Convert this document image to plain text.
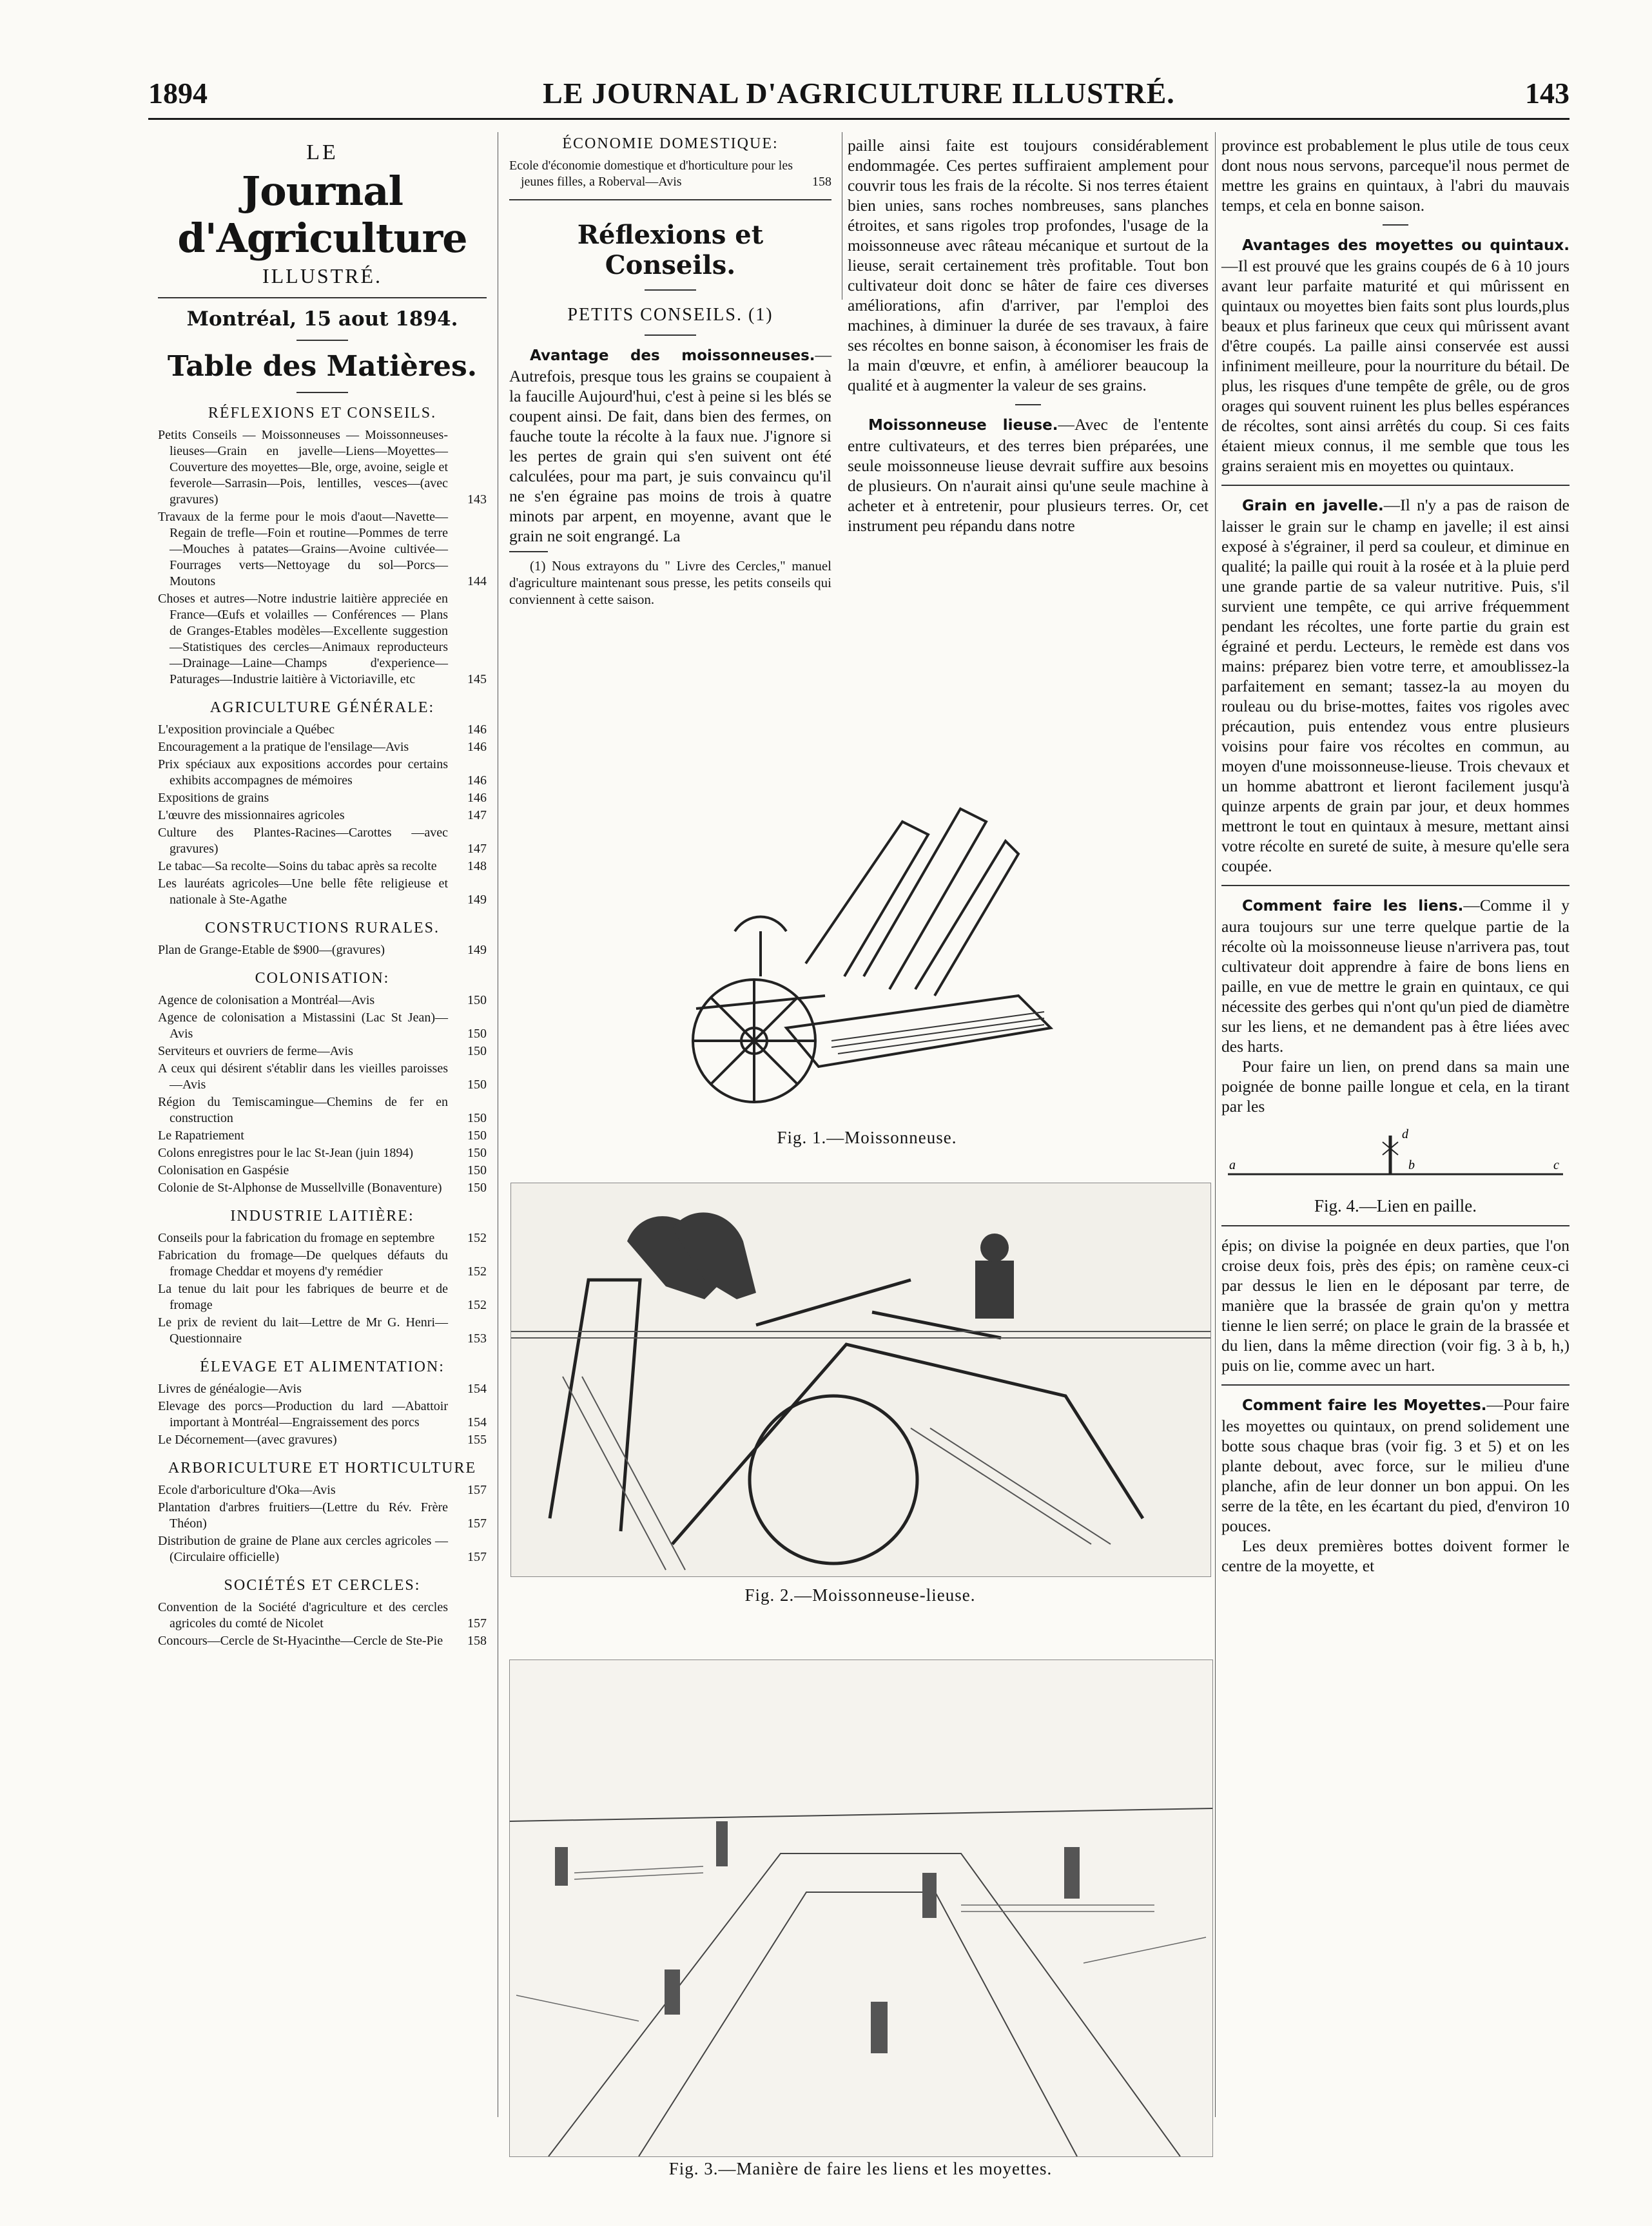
1894	LE JOURNAL D'AGRICULTURE ILLUSTRÉ.	143
LE
Journal d'Agriculture
ILLUSTRÉ.
Montréal, 15 aout 1894.
Table des Matières.
RÉFLEXIONS ET CONSEILS.

Petits Conseils — Moissonneuses — Moissonneuses-lieuses—Grain en javelle—Liens—Moyettes—Couverture des moyettes—Ble, orge, avoine, seigle et feverole—Sarrasin—Pois, lentilles, vesces—(avec gravures)	143

Travaux de la ferme pour le mois d'aout—Navette—Regain de trefle—Foin et routine—Pommes de terre—Mouches à patates—Grains—Avoine cultivée—Fourrages verts—Nettoyage du sol—Porcs—Moutons	144

Choses et autres—Notre industrie laitière appreciée en France—Œufs et volailles — Conférences — Plans de Granges-Etables modèles—Excellente suggestion—Statistiques des cercles—Animaux reproducteurs—Drainage—Laine—Champs d'experience—Paturages—Industrie laitière à Victoriaville, etc	145

AGRICULTURE GÉNÉRALE:

L'exposition provinciale a Québec	146

Encouragement a la pratique de l'ensilage—Avis	146

Prix spéciaux aux expositions accordes pour certains exhibits accompagnes de mémoires	146

Expositions de grains	146

L'œuvre des missionnaires agricoles	147

Culture des Plantes-Racines—Carottes —avec gravures)	147

Le tabac—Sa recolte—Soins du tabac après sa recolte 148

Les lauréats agricoles—Une belle fête religieuse et nationale à Ste-Agathe	149

CONSTRUCTIONS RURALES.

Plan de Grange-Etable de $900—(gravures)	149

COLONISATION:

Agence de colonisation a Montréal—Avis	150

Agence de colonisation a Mistassini (Lac St Jean)—Avis	150

Serviteurs et ouvriers de ferme—Avis	150

A ceux qui désirent s'établir dans les vieilles paroisses—Avis	150

Région du Temiscamingue—Chemins de fer en construction	150

Le Rapatriement	150

Colons enregistres pour le lac St-Jean (juin 1894)	150

Colonisation en Gaspésie	150

Colonie de St-Alphonse de Mussellville (Bonaventure) 150

INDUSTRIE LAITIÈRE:

Conseils pour la fabrication du fromage en septembre	152

Fabrication du fromage—De quelques défauts du fromage Cheddar et moyens d'y remédier	152

La tenue du lait pour les fabriques de beurre et de fromage	152

Le prix de revient du lait—Lettre de Mr G. Henri—Questionnaire	153

ÉLEVAGE ET ALIMENTATION:

Livres de généalogie—Avis	154

Elevage des porcs—Production du lard —Abattoir important à Montréal—Engraissement des porcs	154

Le Décornement—(avec gravures)	155

ARBORICULTURE ET HORTICULTURE

Ecole d'arboriculture d'Oka—Avis	157

Plantation d'arbres fruitiers—(Lettre du Rév. Frère Théon)	157

Distribution de graine de Plane aux cercles agricoles —(Circulaire officielle)	157

SOCIÉTÉS ET CERCLES:

Convention de la Société d'agriculture et des cercles agricoles du comté de Nicolet	157

Concours—Cercle de St-Hyacinthe—Cercle de Ste-Pie 158

ÉCONOMIE DOMESTIQUE:

Ecole d'économie domestique et d'horticulture pour les jeunes filles, a Roberval—Avis	158

Réflexions et Conseils.
PETITS CONSEILS. (1)

Avantage des moissonneuses.—Autrefois, presque tous les grains se coupaient à la faucille Aujourd'hui, c'est à peine si les blés se coupent ainsi. De fait, dans bien des fermes, on fauche toute la récolte à la faux nue. J'ignore si les pertes de grain qui s'en suivent ont été calculées, pour ma part, je suis convaincu qu'il ne s'en égraine pas moins de trois à quatre minots par arpent, en moyenne, avant que le grain ne soit engrangé. La

(1) Nous extrayons du " Livre des Cercles," manuel d'agriculture maintenant sous presse, les petits conseils qui conviennent à cette saison.

paille ainsi faite est toujours considérablement endommagée. Ces pertes suffiraient amplement pour couvrir tous les frais de la récolte. Si nos terres étaient bien unies, sans roches nombreuses, sans planches étroites, et sans rigoles trop profondes, l'usage de la moissonneuse avec râteau mécanique et surtout de la lieuse, serait certainement très profitable. Tout bon cultivateur doit donc se hâter de faire ces diverses améliorations, afin d'arriver, par l'emploi des machines, à diminuer la durée de ses travaux, à faire ses récoltes en bonne saison, à économiser les frais de la main d'œuvre, et enfin, à améliorer beaucoup la qualité et à augmenter la valeur de ses grains.

Moissonneuse lieuse.—Avec de l'entente entre cultivateurs, et des terres bien préparées, une seule moissonneuse lieuse devrait suffire aux besoins de plusieurs. On n'aurait ainsi qu'une seule machine à acheter et à entretenir, pour plusieurs terres. Or, cet instrument peu répandu dans notre

Fig. 1.—Moissonneuse.
Fig. 2.—Moissonneuse-lieuse.
Fig. 3.—Manière de faire les liens et les moyettes.

province est probablement le plus utile de tous ceux dont nous nous servons, parceque'il nous permet de mettre les grains en quintaux, à l'abri du mauvais temps, et cela en bonne saison.

Avantages des moyettes ou quintaux.—Il est prouvé que les grains coupés de 6 à 10 jours avant leur parfaite maturité et qui mûrissent en quintaux ou moyettes bien faits sont plus lourds,plus beaux et plus farineux que ceux qui mûrissent avant d'être coupés. La paille ainsi conservée est aussi infiniment meilleure, pour la nourriture du bétail. De plus, les risques d'une tempête de grêle, ou de gros orages qui souvent ruinent les plus belles espérances de récoltes, sont ainsi arrêtés du coup. Si ces faits étaient mieux connus, il me semble que tous les grains seraient mis en moyettes ou quintaux.

Grain en javelle.—Il n'y a pas de raison de laisser le grain sur le champ en javelle; il est ainsi exposé à s'égrainer, il perd sa couleur, et diminue en qualité; la paille qui rouit à la rosée et à la pluie perd une grande partie de sa valeur nutritive. Puis, s'il survient une tempête, ce qui arrive fréquemment pendant les récoltes, une forte partie du grain est égrainé et perdu. Lecteurs, le remède est dans vos mains: préparez bien votre terre, et amoublissez-la parfaitement en semant; tassez-la au moyen du rouleau ou du brise-mottes, faites vos rigoles avec précaution, puis entendez vous entre plusieurs voisins pour faire vos récoltes en commun, au moyen d'une moissonneuse-lieuse. Trois chevaux et un homme abattront et lieront facilement jusqu'à quinze arpents de grain par jour, et deux hommes mettront le tout en quintaux à mesure, mettant ainsi votre récolte en sureté de suite, à mesure qu'elle sera coupée.

Comment faire les liens.—Comme il y aura toujours sur une terre quelque partie de la récolte où la moissonneuse lieuse n'arrivera pas, tout cultivateur doit apprendre à faire de bons liens en paille, en vue de mettre le grain en quintaux, ce qui nécessite des gerbes qui n'ont qu'un pied de diamètre sur les liens, et ne demandent pas à être liées avec des harts.

Pour faire un lien, on prend dans sa main une poignée de bonne paille longue et cela, en la tirant par les

a	b	c
d
Fig. 4.—Lien en paille.

épis; on divise la poignée en deux parties, que l'on croise deux fois, près des épis; on ramène ceux-ci par dessus le lien en le déposant par terre, de manière que la brassée de grain qu'on y mettra tienne le lien serré; on place le grain de la brassée et du lien, dans la même direction (voir fig. 3 à b, h,) puis on lie, comme avec un hart.

Comment faire les Moyettes.—Pour faire les moyettes ou quintaux, on prend solidement une botte sous chaque bras (voir fig. 3 et 5) et on les plante debout, avec force, sur le milieu d'une planche, afin de leur donner un bon appui. On les serre de la tête, en les écartant du pied, d'environ 10 pouces.

Les deux premières bottes doivent former le centre de la moyette, et
